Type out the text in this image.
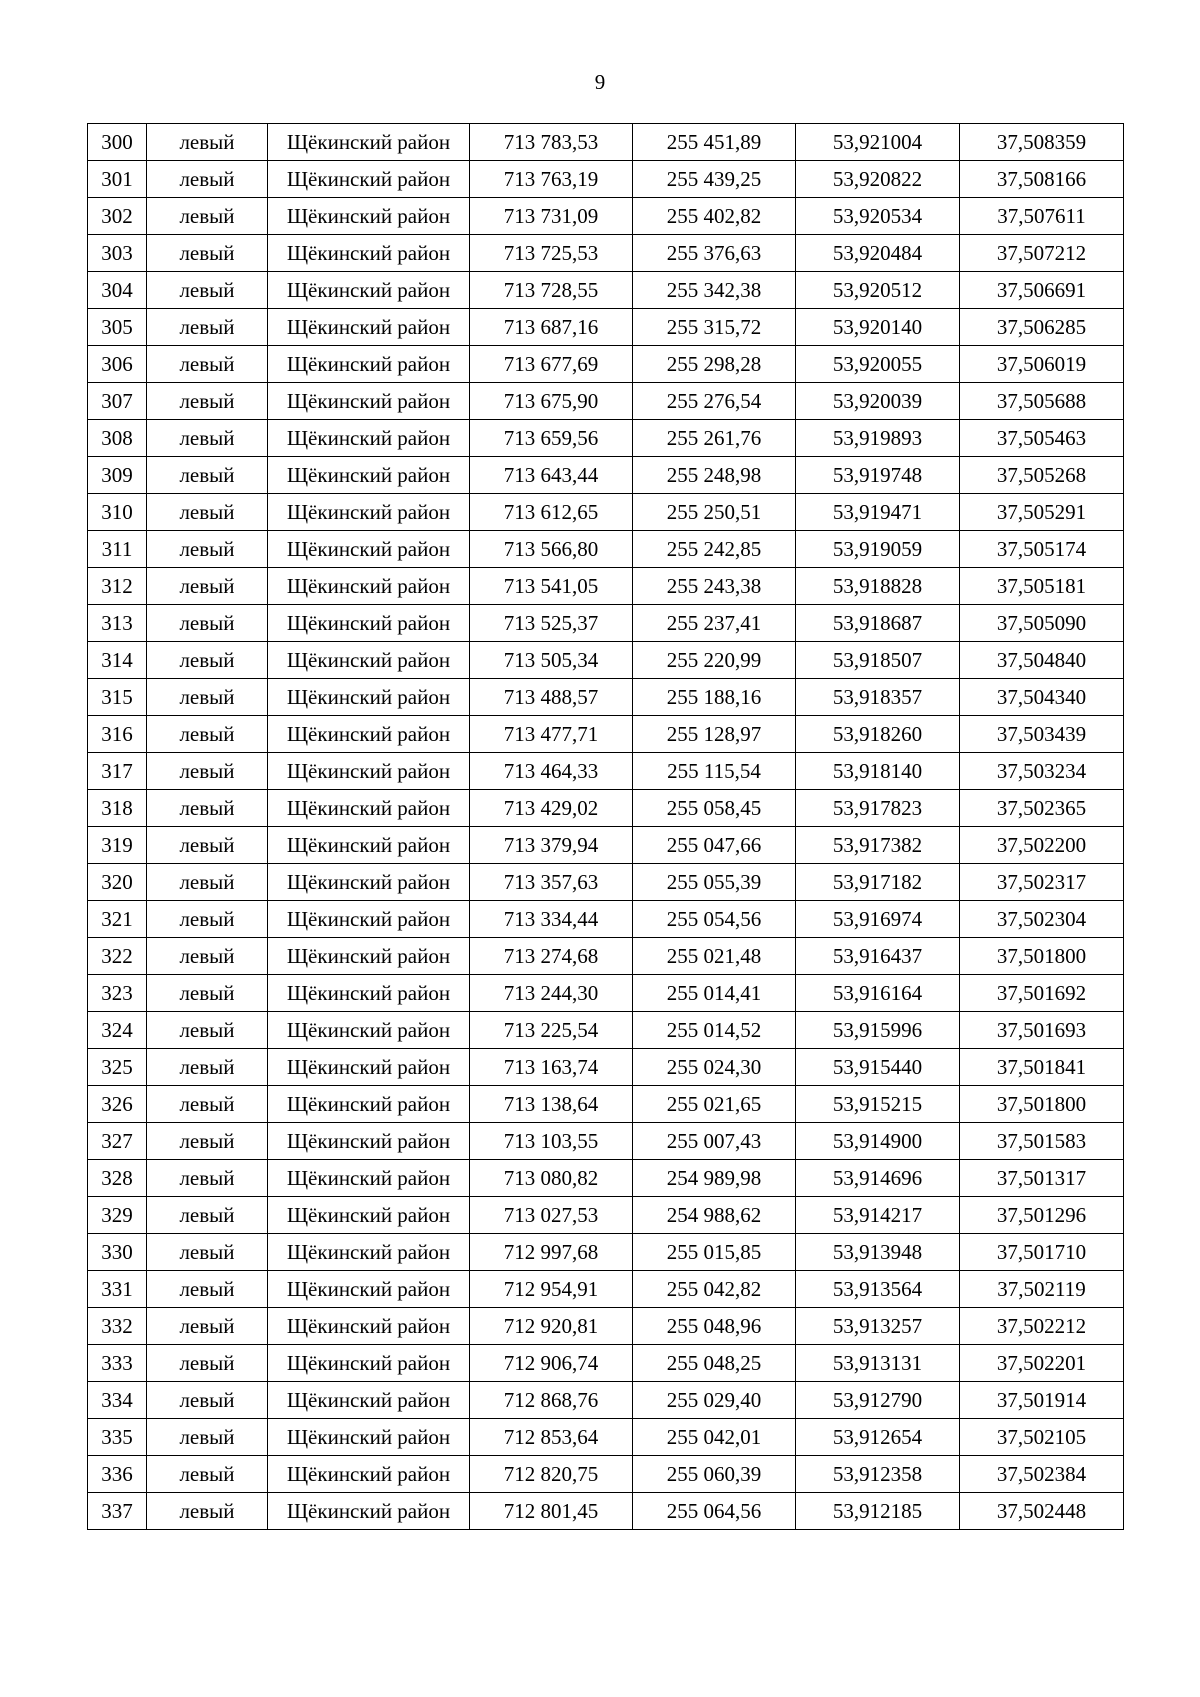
9
300	левый	Щёкинский район	713 783,53	255 451,89	53,921004	37,508359
301	левый	Щёкинский район	713 763,19	255 439,25	53,920822	37,508166
302	левый	Щёкинский район	713 731,09	255 402,82	53,920534	37,507611
303	левый	Щёкинский район	713 725,53	255 376,63	53,920484	37,507212
304	левый	Щёкинский район	713 728,55	255 342,38	53,920512	37,506691
305	левый	Щёкинский район	713 687,16	255 315,72	53,920140	37,506285
306	левый	Щёкинский район	713 677,69	255 298,28	53,920055	37,506019
307	левый	Щёкинский район	713 675,90	255 276,54	53,920039	37,505688
308	левый	Щёкинский район	713 659,56	255 261,76	53,919893	37,505463
309	левый	Щёкинский район	713 643,44	255 248,98	53,919748	37,505268
310	левый	Щёкинский район	713 612,65	255 250,51	53,919471	37,505291
311	левый	Щёкинский район	713 566,80	255 242,85	53,919059	37,505174
312	левый	Щёкинский район	713 541,05	255 243,38	53,918828	37,505181
313	левый	Щёкинский район	713 525,37	255 237,41	53,918687	37,505090
314	левый	Щёкинский район	713 505,34	255 220,99	53,918507	37,504840
315	левый	Щёкинский район	713 488,57	255 188,16	53,918357	37,504340
316	левый	Щёкинский район	713 477,71	255 128,97	53,918260	37,503439
317	левый	Щёкинский район	713 464,33	255 115,54	53,918140	37,503234
318	левый	Щёкинский район	713 429,02	255 058,45	53,917823	37,502365
319	левый	Щёкинский район	713 379,94	255 047,66	53,917382	37,502200
320	левый	Щёкинский район	713 357,63	255 055,39	53,917182	37,502317
321	левый	Щёкинский район	713 334,44	255 054,56	53,916974	37,502304
322	левый	Щёкинский район	713 274,68	255 021,48	53,916437	37,501800
323	левый	Щёкинский район	713 244,30	255 014,41	53,916164	37,501692
324	левый	Щёкинский район	713 225,54	255 014,52	53,915996	37,501693
325	левый	Щёкинский район	713 163,74	255 024,30	53,915440	37,501841
326	левый	Щёкинский район	713 138,64	255 021,65	53,915215	37,501800
327	левый	Щёкинский район	713 103,55	255 007,43	53,914900	37,501583
328	левый	Щёкинский район	713 080,82	254 989,98	53,914696	37,501317
329	левый	Щёкинский район	713 027,53	254 988,62	53,914217	37,501296
330	левый	Щёкинский район	712 997,68	255 015,85	53,913948	37,501710
331	левый	Щёкинский район	712 954,91	255 042,82	53,913564	37,502119
332	левый	Щёкинский район	712 920,81	255 048,96	53,913257	37,502212
333	левый	Щёкинский район	712 906,74	255 048,25	53,913131	37,502201
334	левый	Щёкинский район	712 868,76	255 029,40	53,912790	37,501914
335	левый	Щёкинский район	712 853,64	255 042,01	53,912654	37,502105
336	левый	Щёкинский район	712 820,75	255 060,39	53,912358	37,502384
337	левый	Щёкинский район	712 801,45	255 064,56	53,912185	37,502448
